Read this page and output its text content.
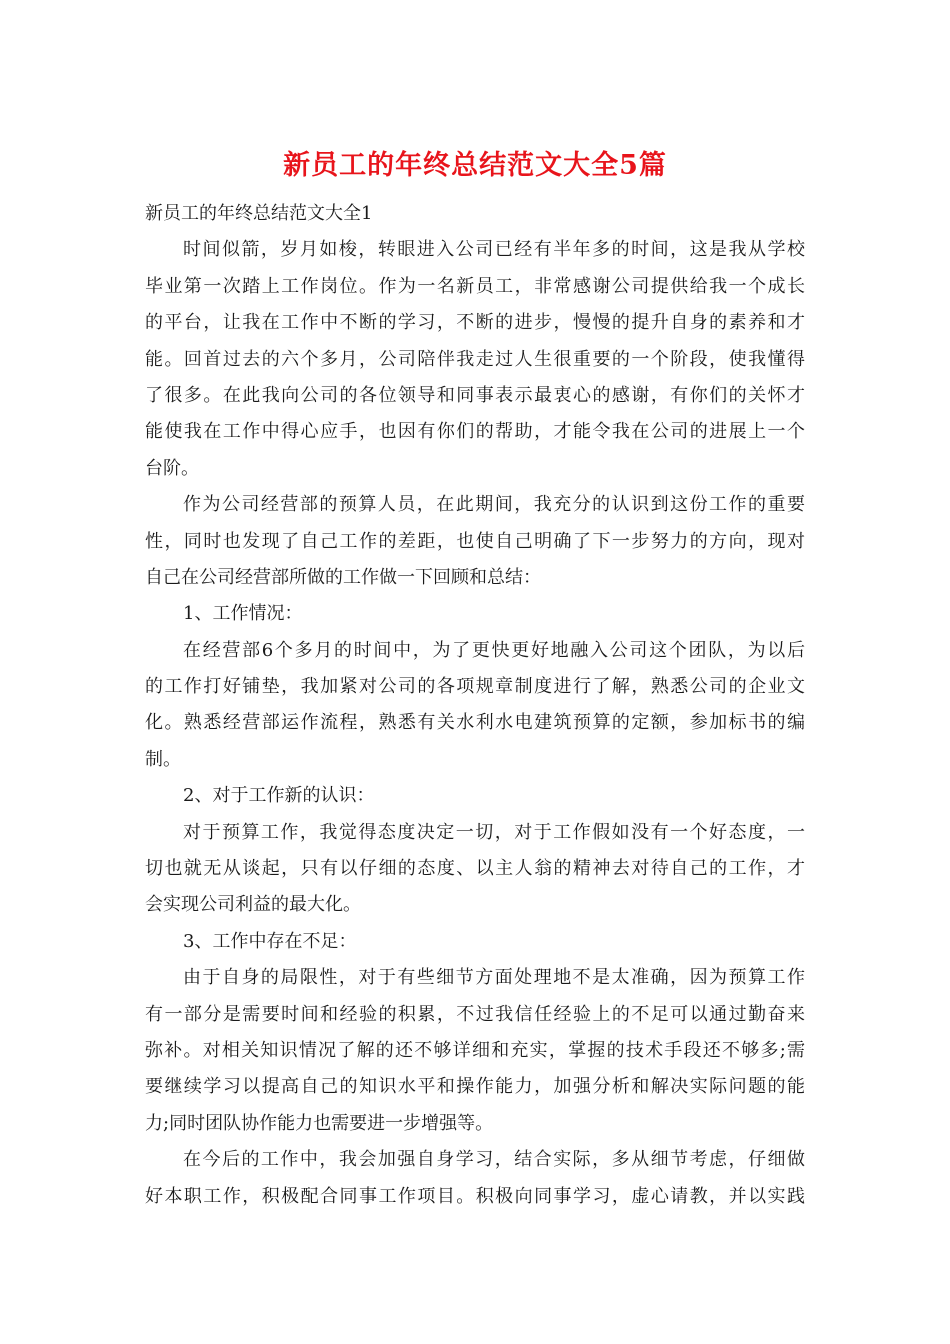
新员工的年终总结范文大全5篇
新员工的年终总结范文大全1
时间似箭，岁月如梭，转眼进入公司已经有半年多的时间，这是我从学校
毕业第一次踏上工作岗位。作为一名新员工，非常感谢公司提供给我一个成长
的平台，让我在工作中不断的学习，不断的进步，慢慢的提升自身的素养和才
能。回首过去的六个多月，公司陪伴我走过人生很重要的一个阶段，使我懂得
了很多。在此我向公司的各位领导和同事表示最衷心的感谢，有你们的关怀才
能使我在工作中得心应手，也因有你们的帮助，才能令我在公司的进展上一个
台阶。
作为公司经营部的预算人员，在此期间，我充分的认识到这份工作的重要
性，同时也发现了自己工作的差距，也使自己明确了下一步努力的方向，现对
自己在公司经营部所做的工作做一下回顾和总结：
1、工作情况：
在经营部6个多月的时间中，为了更快更好地融入公司这个团队，为以后
的工作打好铺垫，我加紧对公司的各项规章制度进行了解，熟悉公司的企业文
化。熟悉经营部运作流程，熟悉有关水利水电建筑预算的定额，参加标书的编
制。
2、对于工作新的认识：
对于预算工作，我觉得态度决定一切，对于工作假如没有一个好态度，一
切也就无从谈起，只有以仔细的态度、以主人翁的精神去对待自己的工作，才
会实现公司利益的最大化。
3、工作中存在不足：
由于自身的局限性，对于有些细节方面处理地不是太准确，因为预算工作
有一部分是需要时间和经验的积累，不过我信任经验上的不足可以通过勤奋来
弥补。对相关知识情况了解的还不够详细和充实，掌握的技术手段还不够多;需
要继续学习以提高自己的知识水平和操作能力，加强分析和解决实际问题的能
力;同时团队协作能力也需要进一步增强等。
在今后的工作中，我会加强自身学习，结合实际，多从细节考虑，仔细做
好本职工作，积极配合同事工作项目。积极向同事学习，虚心请教，并以实践
